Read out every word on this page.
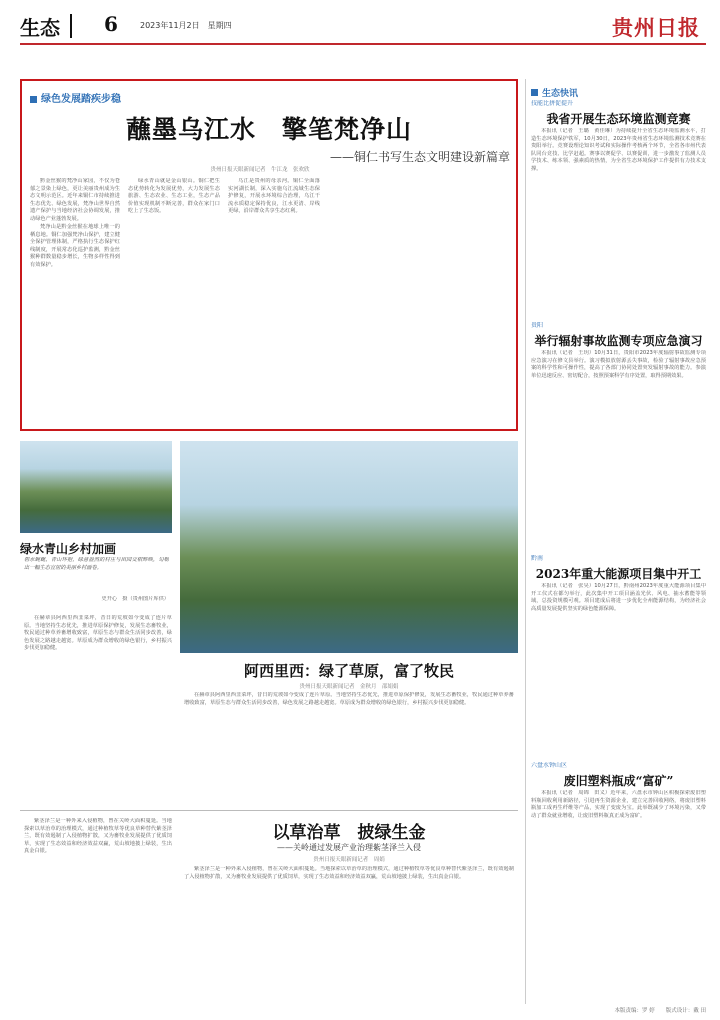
生态 6	2023年11月2日　星期四	贵州日报
绿色发展踏疾步稳
蘸墨乌江水　擎笔梵净山
——铜仁书写生态文明建设新篇章
贵州日报天眼新闻记者　牛江龙　张欢欣

黔金丝猴的梵净山家园，不仅为苍郁之景染上绿色，更让美丽贵州成为生态文明示范区。近年来铜仁市持续推进生态优先、绿色发展，梵净山世界自然遗产保护与当地经济社会协调发展，推动绿色产业蓬勃发展。

梵净山是黔金丝猴在地球上唯一的栖息地。铜仁加强梵净山保护，建立健全保护管理体制，严格执行生态保护红线制度，开展常态化巡护监测，黔金丝猴种群数量稳步增长，生物多样性得到有效保护。

绿水青山就是金山银山。铜仁把生态优势转化为发展优势，大力发展生态旅游、生态农业、生态工业，生态产品价值实现机制不断完善，群众在家门口吃上了生态饭。

乌江是贵州的母亲河。铜仁全面落实河湖长制，深入实施乌江流域生态保护修复，开展水环境综合治理，乌江干流水质稳定保持优良，江水更清、岸线更绿，沿岸群众共享生态红利。

绿水青山乡村加画
碧水蜿蜒，青山环抱，绿意盎然的村庄与田园交相辉映，勾勒出一幅生态宜居的美丽乡村画卷。
史开心　摄（贵州图片库供）
阿西里西：绿了草原，富了牧民
贵州日报天眼新闻记者　金秋月　邵娟娟

在赫章县阿西里西韭菜坪，昔日的荒坡如今变成了连片草原。当地坚持生态优先，推进草原保护修复，发展生态畜牧业，牧民通过种草养畜增收致富，草原生态与群众生活同步改善，绿色发展之路越走越宽。草原成为群众增收的绿色银行，乡村振兴步伐更加稳健。

在赫章县阿西里西韭菜坪，昔日的荒坡如今变成了连片草原。当地坚持生态优先，推进草原保护修复，发展生态畜牧业，牧民通过种草养畜增收致富，草原生态与群众生活同步改善，绿色发展之路越走越宽。草原成为群众增收的绿色银行，乡村振兴步伐更加稳健。

以草治草　披绿生金
——关岭通过发展产业治理紫茎泽兰入侵
贵州日报天眼新闻记者　周娟

紫茎泽兰是一种外来入侵植物，曾在关岭大面积蔓延。当地探索以草治草的治理模式，通过种植牧草等优良草种替代紫茎泽兰，既有效遏制了入侵植物扩散，又为畜牧业发展提供了优质饲草，实现了生态效益和经济效益双赢，荒山坡地披上绿装，生出真金白银。

紫茎泽兰是一种外来入侵植物，曾在关岭大面积蔓延。当地探索以草治草的治理模式，通过种植牧草等优良草种替代紫茎泽兰，既有效遏制了入侵植物扩散，又为畜牧业发展提供了优质饲草，实现了生态效益和经济效益双赢，荒山坡地披上绿装，生出真金白银。

生态快讯
技能比拼促提升
我省开展生态环境监测竞赛

本报讯（记者　王璐　黄佳琳）为持续提升全省生态环境监测水平，打造生态环境保护铁军，10月30日，2023年贵州省生态环境监测技术竞赛在贵阳举行。竞赛设理论知识考试和实际操作考核两个环节，全省各市州代表队同台竞技、比学赶超。赛事以赛促学、以赛促训，进一步激发了监测人员学技术、练本领、强素质的热情，为全省生态环境保护工作提供有力技术支撑。

贵阳
举行辐射事故监测专项应急演习

本报讯（记者　王玥）10月31日，贵阳市2023年度辐射事故监测专项应急演习在修文县举行。演习模拟放射源丢失事故，检验了辐射事故应急预案的科学性和可操作性，提高了各部门协同处置突发辐射事故的能力。参演单位迅速反应、密切配合，按照预案科学有序处置，取得预期效果。

黔南
2023年重大能源项目集中开工

本报讯（记者　张昊）10月27日，黔南州2023年度重大能源项目集中开工仪式在都匀举行，此次集中开工项目涵盖光伏、风电、抽水蓄能等领域，总投资规模可观。项目建成后将进一步优化全州能源结构，为经济社会高质量发展提供坚实的绿色能源保障。

六盘水钟山区
废旧塑料瓶成“富矿”

本报讯（记者　周锦　田义）近年来，六盘水市钟山区积极探索废旧塑料瓶回收利用新路径，引进再生资源企业，建立完善回收网络，将废旧塑料瓶加工成再生纤维等产品，实现了变废为宝。此举既减少了环境污染，又带动了群众就业增收，让废旧塑料瓶真正成为富矿。

本版责编：罗 婷　　版式设计：戴 田
